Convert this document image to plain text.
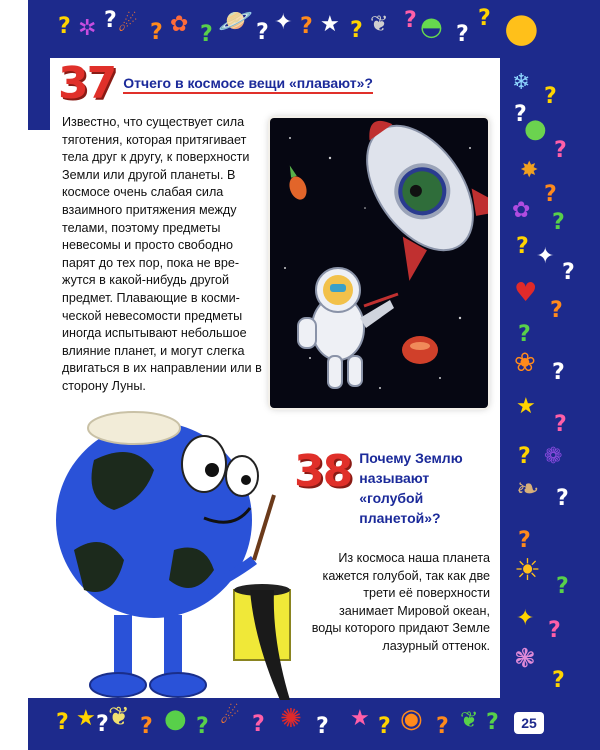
? ✲ ? ☄ ? ✿ ? 🪐 ? ✦ ? ★ ? ❦ ? ◓ ?
? ●
❄
?
?
●
?
✸
?
✿ ?
? ✦
?
♥
?
?
❀ ?
★
?
? ❁
❧ ?
?
☀ ?
✦ ?
❃
?
? ★ ? ❦ ? ● ? ☄ ? ✺ ? ★ ? ◉ ? ❦ ?
37 Отчего в космосе вещи «плавают»?
Известно, что существует сила тяготения, которая притягивает тела друг к другу, к поверхности Земли или другой планеты. В космосе очень слабая сила взаимного притяжения между телами, поэтому предметы невесомы и просто свободно парят до тех пор, пока не врежутся в какой-нибудь другой предмет. Плавающие в космической невесомости предметы иногда испытывают небольшое влияние планет, и могут слегка двигаться в их направлении или в сторону Луны.
38 Почему Землю называют «голубой планетой»?
Из космоса наша планета кажется голубой, так как две трети её поверхности занимает Мировой океан, воды которого придают Земле лазурный оттенок.
25
